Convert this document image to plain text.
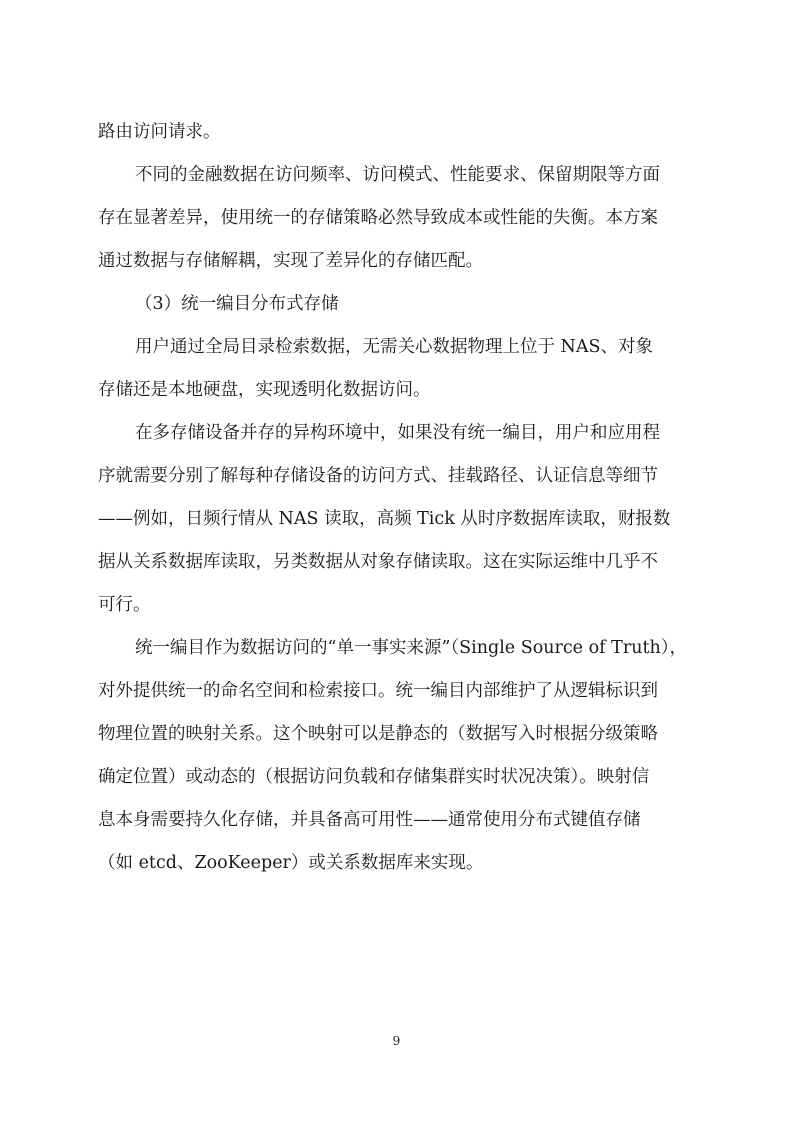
路由访问请求。
不同的金融数据在访问频率、访问模式、性能要求、保留期限等方面
存在显著差异，使用统一的存储策略必然导致成本或性能的失衡。本方案
通过数据与存储解耦，实现了差异化的存储匹配。
（3）统一编目分布式存储
用户通过全局目录检索数据，无需关心数据物理上位于 NAS、对象
存储还是本地硬盘，实现透明化数据访问。
在多存储设备并存的异构环境中，如果没有统一编目，用户和应用程
序就需要分别了解每种存储设备的访问方式、挂载路径、认证信息等细节
——例如，日频行情从 NAS 读取，高频 Tick 从时序数据库读取，财报数
据从关系数据库读取，另类数据从对象存储读取。这在实际运维中几乎不
可行。
统一编目作为数据访问的“单一事实来源”（Single Source of Truth），
对外提供统一的命名空间和检索接口。统一编目内部维护了从逻辑标识到
物理位置的映射关系。这个映射可以是静态的（数据写入时根据分级策略
确定位置）或动态的（根据访问负载和存储集群实时状况决策）。映射信
息本身需要持久化存储，并具备高可用性——通常使用分布式键值存储
（如 etcd、ZooKeeper）或关系数据库来实现。
9
